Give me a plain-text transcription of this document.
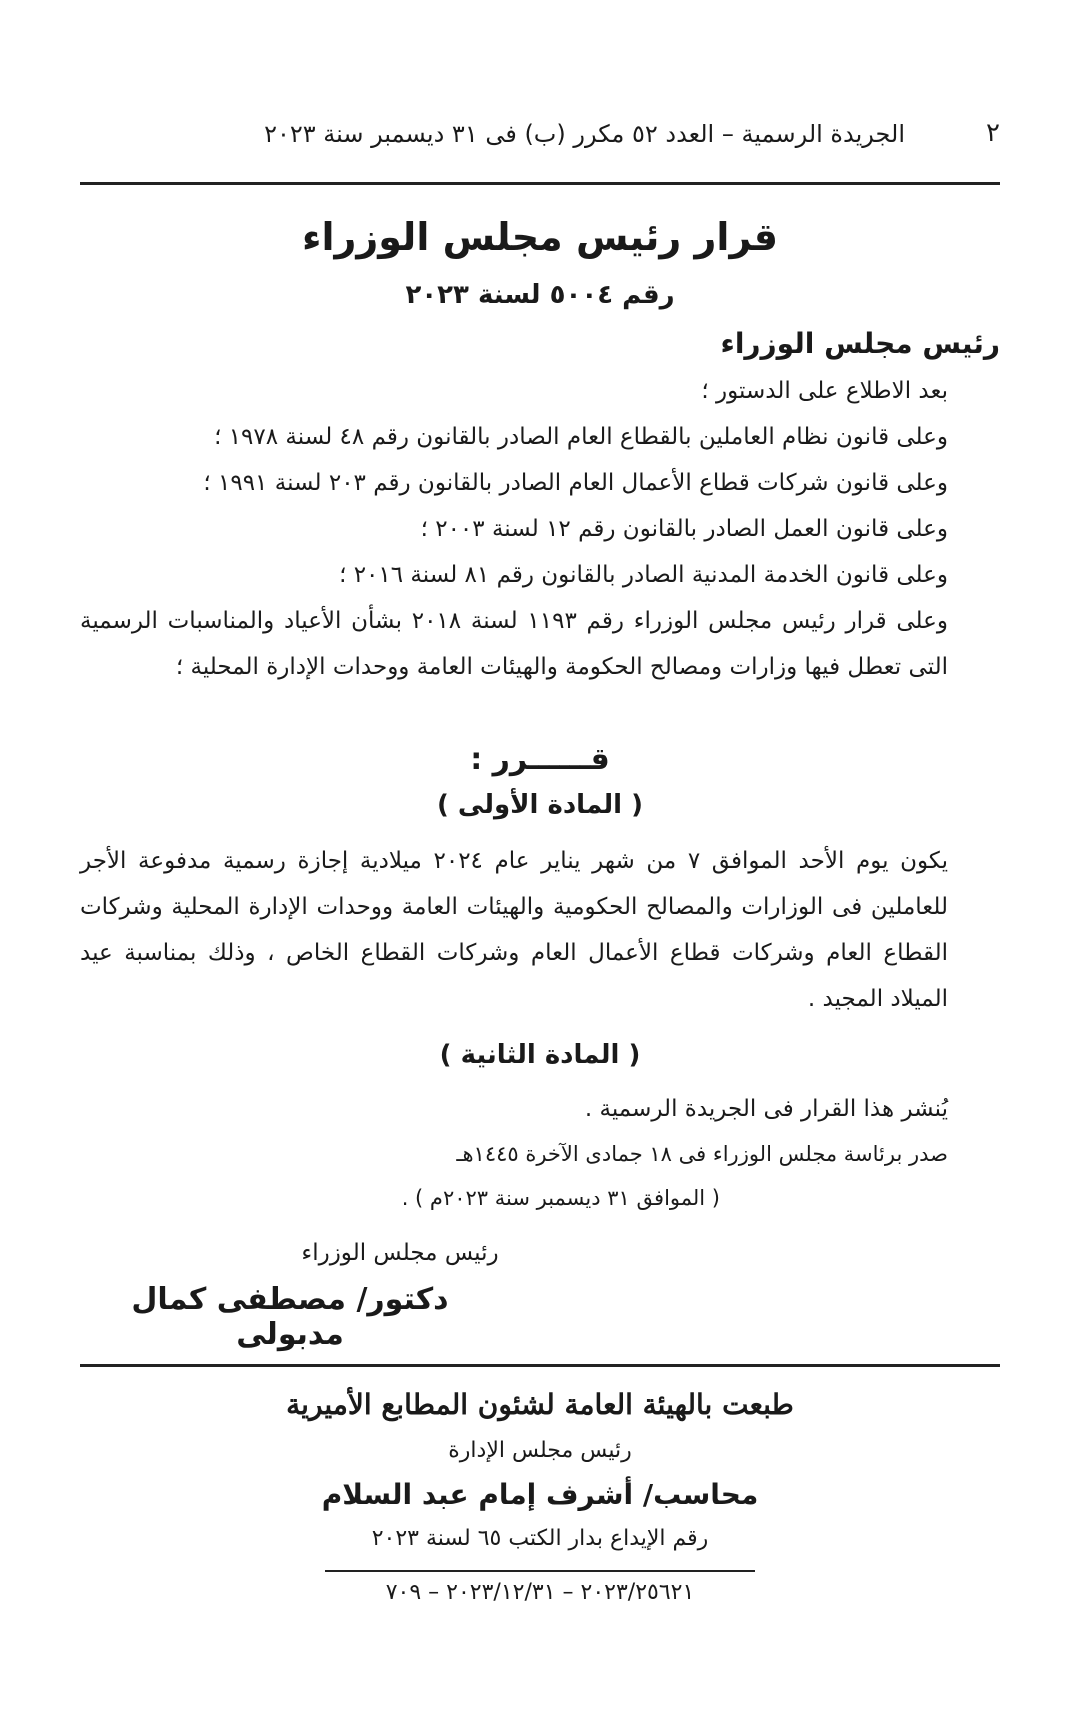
٢
الجريدة الرسمية – العدد ٥٢ مكرر (ب) فى ٣١ ديسمبر سنة ٢٠٢٣
قرار رئيس مجلس الوزراء
رقم ٥٠٠٤ لسنة ٢٠٢٣
رئيس مجلس الوزراء

بعد الاطلاع على الدستور ؛

وعلى قانون نظام العاملين بالقطاع العام الصادر بالقانون رقم ٤٨ لسنة ١٩٧٨ ؛

وعلى قانون شركات قطاع الأعمال العام الصادر بالقانون رقم ٢٠٣ لسنة ١٩٩١ ؛

وعلى قانون العمل الصادر بالقانون رقم ١٢ لسنة ٢٠٠٣ ؛

وعلى قانون الخدمة المدنية الصادر بالقانون رقم ٨١ لسنة ٢٠١٦ ؛

وعلى قرار رئيس مجلس الوزراء رقم ١١٩٣ لسنة ٢٠١٨ بشأن الأعياد والمناسبات الرسمية التى تعطل فيها وزارات ومصالح الحكومة والهيئات العامة ووحدات الإدارة المحلية ؛

قــــــرر :
( المادة الأولى )

يكون يوم الأحد الموافق ٧ من شهر يناير عام ٢٠٢٤ ميلادية إجازة رسمية مدفوعة الأجر للعاملين فى الوزارات والمصالح الحكومية والهيئات العامة ووحدات الإدارة المحلية وشركات القطاع العام وشركات قطاع الأعمال العام وشركات القطاع الخاص ، وذلك بمناسبة عيد الميلاد المجيد .

( المادة الثانية )

يُنشر هذا القرار فى الجريدة الرسمية .

صدر برئاسة مجلس الوزراء فى ١٨ جمادى الآخرة ١٤٤٥هـ

( الموافق ٣١ ديسمبر سنة ٢٠٢٣م ) .

رئيس مجلس الوزراء
دكتور/ مصطفى كمال مدبولى
طبعت بالهيئة العامة لشئون المطابع الأميرية
رئيس مجلس الإدارة
محاسب/ أشرف إمام عبد السلام
رقم الإيداع بدار الكتب ٦٥ لسنة ٢٠٢٣
٢٠٢٣/٢٥٦٢١ – ٢٠٢٣/١٢/٣١ – ٧٠٩
